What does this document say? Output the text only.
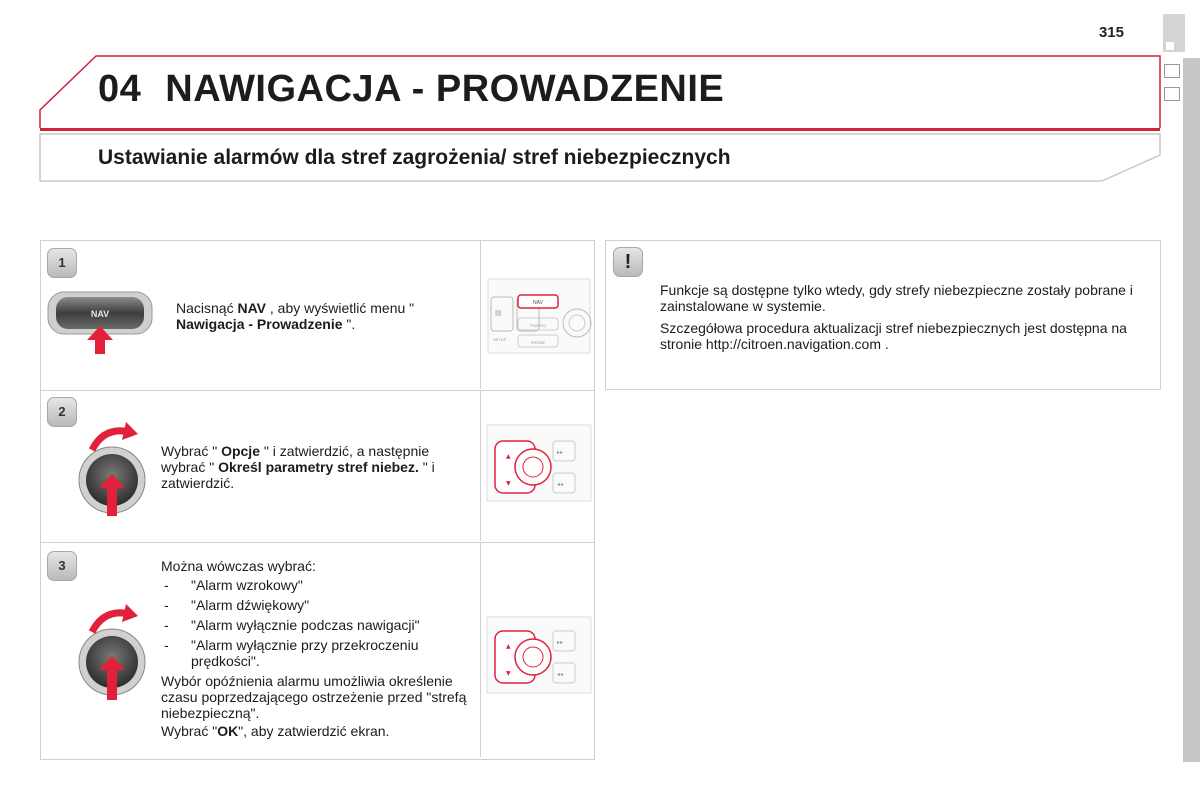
315
04 NAWIGACJA - PROWADZENIE
Ustawianie alarmów dla stref zagrożenia/ stref niebezpiecznych
1
NAV	Nacisnąć NAV , aby wyświetlić menu " Nawigacja - Prowadzenie ".
▤
SETUP
NAV
TRAFFIC
PHONE
2
Wybrać " Opcje " i zatwierdzić, a następnie wybrać " Określ parametry stref niebez. " i zatwierdzić.
▲
▼
▸▸
◂◂
3	Można wówczas wybrać:

- "Alarm wzrokowy"
- "Alarm dźwiękowy"
- "Alarm wyłącznie podczas nawigacji"
- "Alarm wyłącznie przy przekroczeniu prędkości".

Wybór opóźnienia alarmu umożliwia określenie czasu poprzedzającego ostrzeżenie przed "strefą niebezpieczną".

Wybrać "OK", aby zatwierdzić ekran.

▲
▼
▸▸
◂◂
!

Funkcje są dostępne tylko wtedy, gdy strefy niebezpieczne zostały pobrane i zainstalowane w systemie.

Szczegółowa procedura aktualizacji stref niebezpiecznych jest dostępna na stronie http://citroen.navigation.com .
